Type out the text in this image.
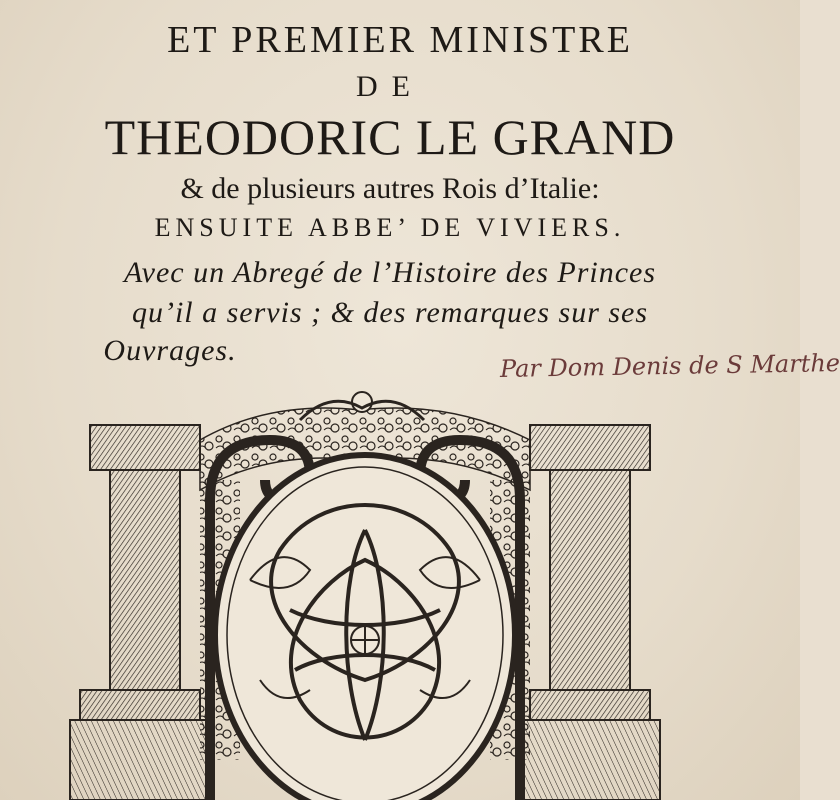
ET PREMIER MINISTRE
DE
THEODORIC LE GRAND
& de plusieurs autres Rois d’Italie:
ENSUITE ABBE’ DE VIVIERS.
Avec un Abregé de l’Histoire des Princes
qu’il a servis ; & des remarques sur ses
Ouvrages.	Par Dom Denis de S Marthe
